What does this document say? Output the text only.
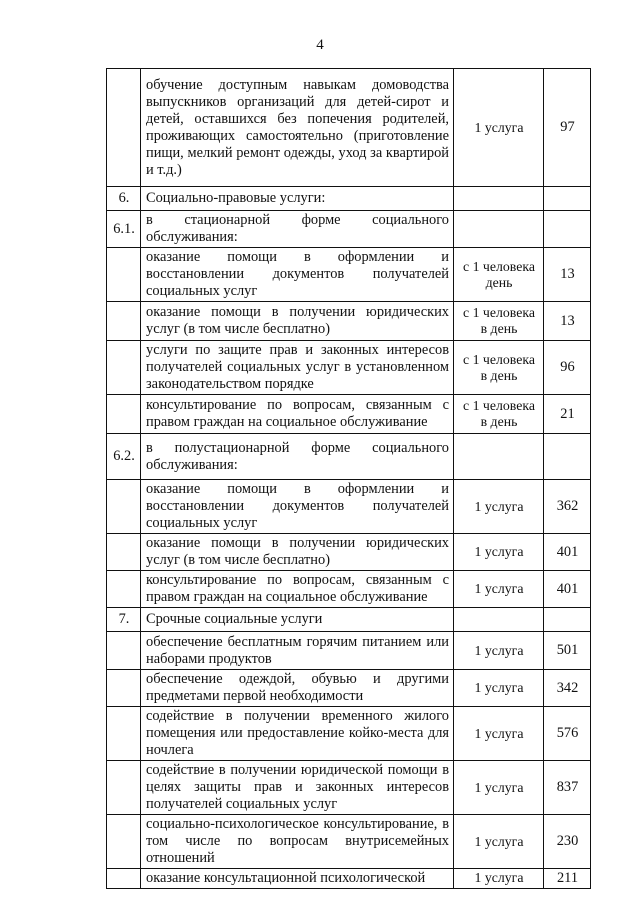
4
	обучение доступным навыкам домоводства выпускников организаций для детей-сирот и детей, оставшихся без попечения родителей, проживающих самостоятельно (приготовление пищи, мелкий ремонт одежды, уход за квартирой и т.д.)	1 услуга	97
6.	Социально-правовые услуги:		
6.1.	в стационарной форме социального обслуживания:		
	оказание помощи в оформлении и восстановлении документов получателей социальных услуг	с 1 человека день	13
	оказание помощи в получении юридических услуг (в том числе бесплатно)	с 1 человека в день	13
	услуги по защите прав и законных интересов получателей социальных услуг в установленном законодательством порядке	с 1 человека в день	96
	консультирование по вопросам, связанным с правом граждан на социальное обслуживание	с 1 человека в день	21
6.2.	в полустационарной форме социального обслуживания:		
	оказание помощи в оформлении и восстановлении документов получателей социальных услуг	1 услуга	362
	оказание помощи в получении юридических услуг (в том числе бесплатно)	1 услуга	401
	консультирование по вопросам, связанным с правом граждан на социальное обслуживание	1 услуга	401
7.	Срочные социальные услуги		
	обеспечение бесплатным горячим питанием или наборами продуктов	1 услуга	501
	обеспечение одеждой, обувью и другими предметами первой необходимости	1 услуга	342
	содействие в получении временного жилого помещения или предоставление койко-места для ночлега	1 услуга	576
	содействие в получении юридической помощи в целях защиты прав и законных интересов получателей социальных услуг	1 услуга	837
	социально-психологическое консультирование, в том числе по вопросам внутрисемейных отношений	1 услуга	230
	оказание консультационной психологической	1 услуга	211
